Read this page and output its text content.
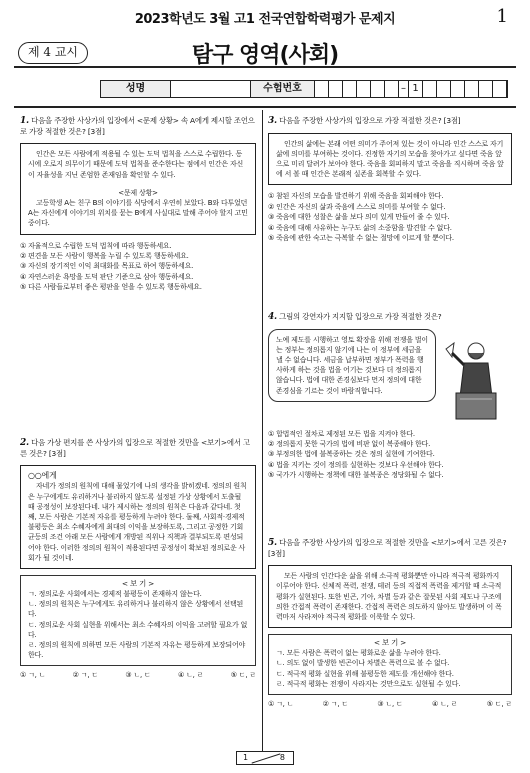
2023학년도 3월 고1 전국연합학력평가 문제지	1
제 4 교시	탐구 영역(사회)
성명	수험번호	– 1
1. 다음을 주장한 사상가의 입장에서 <문제 상황> 속 A에게 제시할 조언으로 가장 적절한 것은? [3점]

인간은 모든 사람에게 적용될 수 있는 도덕 법칙을 스스로 수립한다. 동시에 오로지 의무이기 때문에 도덕 법칙을 준수한다는 점에서 인간은 자신이 자율성을 지닌 존엄한 존재임을 확인할 수 있다.

<문제 상황>

고등학생 A는 친구 B의 이야기를 식당에서 우연히 보았다. B와 다투었던 A는 자신에게 이야기의 위치를 묻는 B에게 사실대로 말해 주어야 할지 고민 중이다.

① 자율적으로 수립한 도덕 법칙에 따라 행동하세요.
② 편견을 모든 사람이 행복을 누릴 수 있도록 행동하세요.
③ 자신의 장기적인 이익 최대화를 목표로 하여 행동하세요.
④ 자연스러운 욕망을 도덕 판단 기준으로 삼아 행동하세요.
⑤ 다른 사람들로부터 좋은 평판을 얻을 수 있도록 행동하세요.
2. 다음 가상 편지를 쓴 사상가의 입장으로 적절한 것만을 <보기>에서 고른 것은? [3점]

○○에게

자네가 정의의 원칙에 대해 물었기에 나의 생각을 밝히겠네. 정의의 원칙은 누구에게도 유리하거나 불리하지 않도록 설정된 가상 상황에서 도출될 때 공정성이 보장된다네. 내가 제시하는 정의의 원칙은 다음과 같다네. 첫째, 모든 사람은 기본적 자유를 평등하게 누려야 한다. 둘째, 사회적·경제적 불평등은 최소 수혜자에게 최대의 이익을 보장하도록, 그리고 공정한 기회균등의 조건 아래 모든 사람에게 개방된 직위나 직책과 결부되도록 편성되어야 한다. 이러한 정의의 원칙이 적용된다면 공정성이 확보된 정의로운 사회가 될 것이네.

< 보 기 >
ㄱ. 정의로운 사회에서는 경제적 불평등이 존재하지 않는다.
ㄴ. 정의의 원칙은 누구에게도 유리하거나 불리하지 않은 상황에서 선택된다.
ㄷ. 정의로운 사회 실현을 위해서는 최소 수혜자의 이익을 고려할 필요가 없다.
ㄹ. 정의의 원칙에 의하면 모든 사람의 기본적 자유는 평등하게 보장되어야 한다.
① ㄱ, ㄴ	② ㄱ, ㄷ	③ ㄴ, ㄷ	④ ㄴ, ㄹ	⑤ ㄷ, ㄹ
3. 다음을 주장한 사상가의 입장으로 가장 적절한 것은? [3점]

인간의 삶에는 본래 어떤 의미가 주어져 있는 것이 아니라 인간 스스로 자기 삶에 의미를 부여하는 것이다. 진정한 자기의 모습을 찾아가고 싶다면 죽음 앞으로 미리 달려가 보아야 한다. 죽음을 회피하지 말고 죽음을 직시하며 죽음 앞에 서 볼 때 인간은 본래적 실존을 회복할 수 있다.

① 참된 자신의 모습을 발견하기 위해 죽음을 회피해야 한다.
② 인간은 자신의 삶과 죽음에 스스로 의미를 부여할 수 없다.
③ 죽음에 대한 성찰은 삶을 보다 의미 있게 만들어 줄 수 있다.
④ 죽음에 대해 사유하는 누구도 삶의 소중함을 발견할 수 없다.
⑤ 죽음에 관한 숙고는 극복할 수 없는 절망에 이르게 할 뿐이다.
4. 그림의 강연자가 지지할 입장으로 가장 적절한 것은?

노예 제도를 시행하고 영토 확장을 위해 전쟁을 벌이는 정부는 정의롭지 않기에 나는 이 정부에 세금을 낼 수 없습니다. 세금을 납부하면 정부가 폭력을 행사하게 하는 것을 법을 어기는 것보다 더 정의롭지 않습니다. 법에 대한 존경심보다 먼저 정의에 대한 존경심을 기르는 것이 바람직합니다.

① 합법적인 절차로 제정된 모든 법을 지켜야 한다.
② 정의롭지 못한 국가의 법에 비판 없이 복종해야 한다.
③ 부정의한 법에 불복종하는 것은 정의 실현에 기여한다.
④ 법을 지키는 것이 정의를 실현하는 것보다 우선해야 한다.
⑤ 국가가 시행하는 정책에 대한 불복종은 정당화될 수 없다.
5. 다음을 주장한 사상가의 입장으로 적절한 것만을 <보기>에서 고른 것은? [3점]

모든 사람의 인간다운 삶을 위해 소극적 평화뿐만 아니라 적극적 평화까지 이루어야 한다. 신체적 폭력, 전쟁, 테러 등의 직접적 폭력을 제거할 때 소극적 평화가 실현된다. 또한 빈곤, 기아, 차별 등과 같은 잘못된 사회 제도나 구조에 의한 간접적 폭력이 존재한다. 간접적 폭력은 의도하지 않아도 발생하며 이 폭력마저 사라져야 적극적 평화를 이룩할 수 있다.

< 보 기 >
ㄱ. 모든 사람은 폭력이 없는 평화로운 삶을 누려야 한다.
ㄴ. 의도 없이 발생한 빈곤이나 차별은 폭력으로 볼 수 없다.
ㄷ. 적극적 평화 실현을 위해 불평등한 제도를 개선해야 한다.
ㄹ. 적극적 평화는 전쟁이 사라지는 것만으로도 실현될 수 있다.
① ㄱ, ㄴ	② ㄱ, ㄷ	③ ㄴ, ㄷ	④ ㄴ, ㄹ	⑤ ㄷ, ㄹ
1	8
